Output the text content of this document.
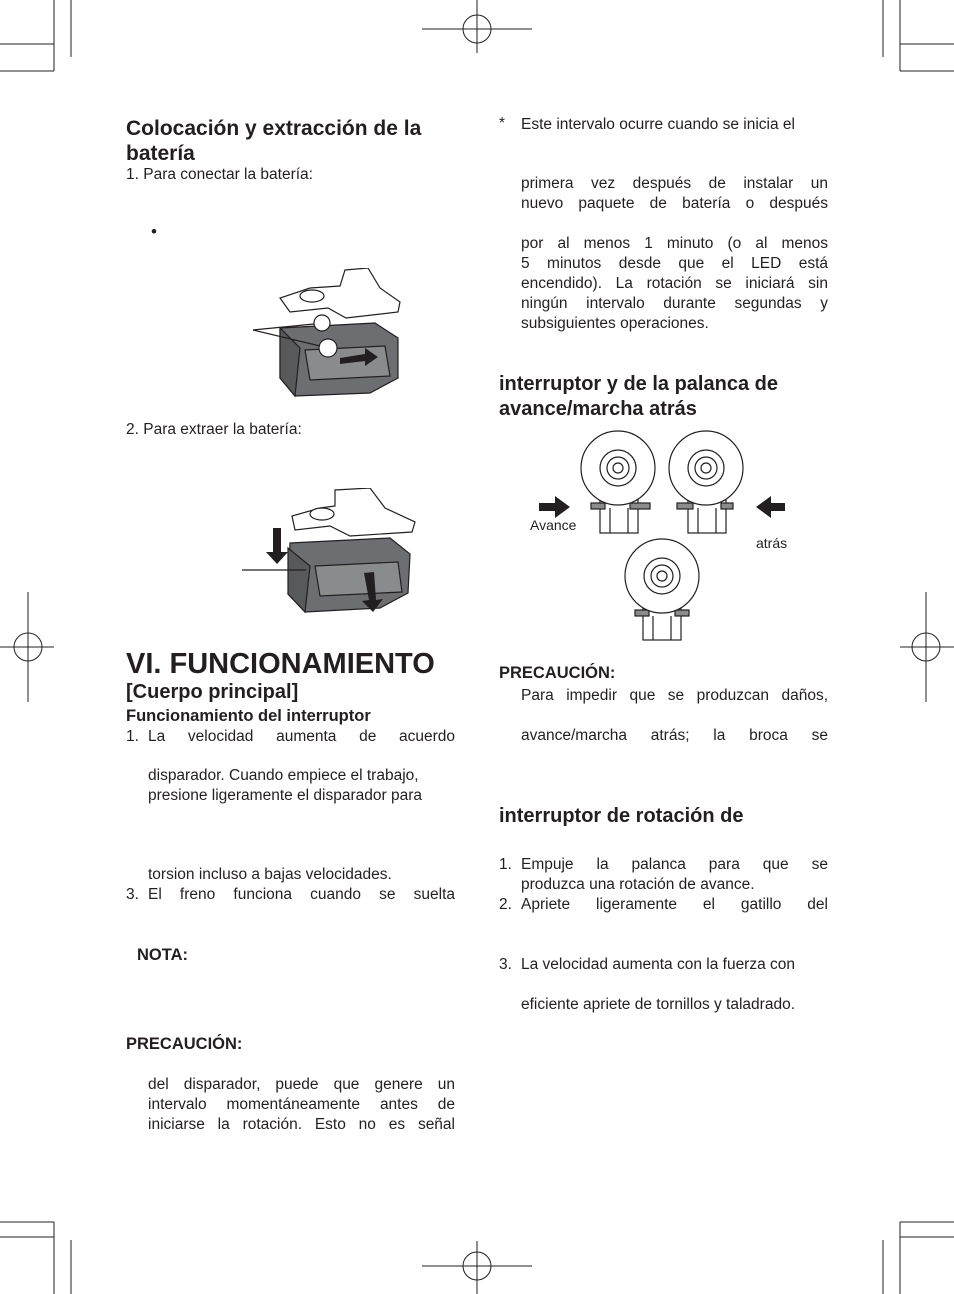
Colocación y extracción de la
batería
1. Para conectar la batería:
•
2. Para extraer la batería:
VI. FUNCIONAMIENTO
[Cuerpo principal]
Funcionamiento del interruptor
1. La velocidad aumenta de acuerdo
disparador. Cuando empiece el trabajo,
presione ligeramente el disparador para
torsion incluso a bajas velocidades.
3. El freno funciona cuando se suelta
NOTA:
PRECAUCIÓN:
del disparador, puede que genere un
intervalo momentáneamente antes de
iniciarse la rotación. Esto no es señal
* Este intervalo ocurre cuando se inicia el
primera vez después de instalar un
nuevo paquete de batería o después
por al menos 1 minuto (o al menos
5 minutos desde que el LED está
encendido). La rotación se iniciará sin
ningún intervalo durante segundas y
subsiguientes operaciones.
interruptor y de la palanca de
avance/marcha atrás
Avance
atrás
PRECAUCIÓN:
Para impedir que se produzcan daños,
avance/marcha atrás; la broca se
interruptor de rotación de
1. Empuje la palanca para que se
produzca una rotación de avance.
2. Apriete ligeramente el gatillo del
3. La velocidad aumenta con la fuerza con
eficiente apriete de tornillos y taladrado.
